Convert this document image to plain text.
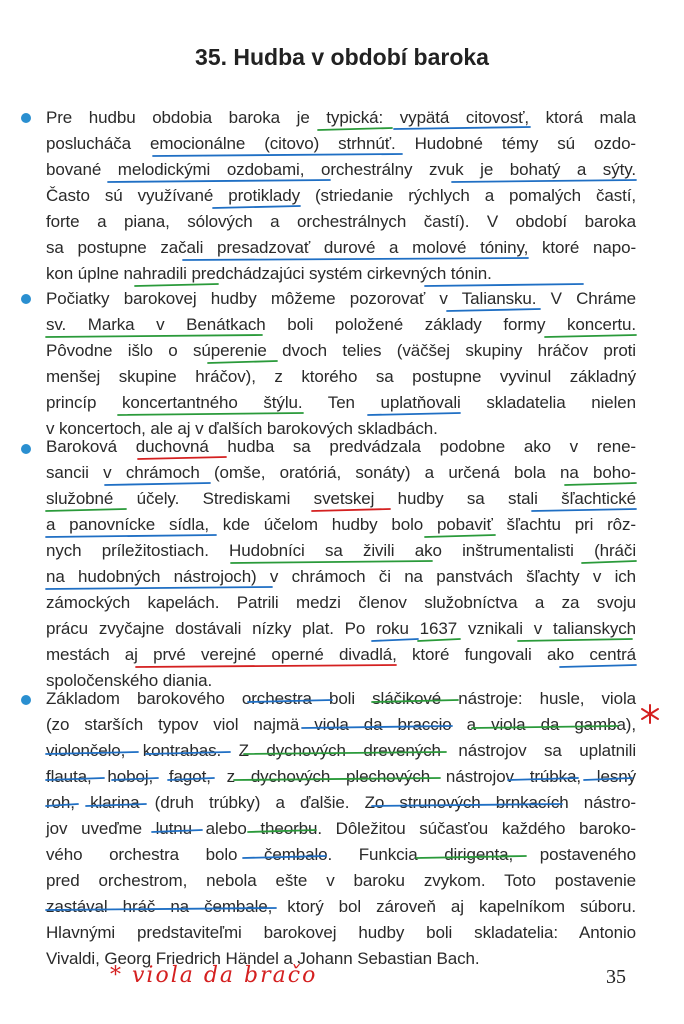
35. Hudba v období baroka
Pre hudbu obdobia baroka je typická: vypätá citovosť, ktorá mala
poslucháča emocionálne (citovo) strhnúť. Hudobné témy sú ozdo-
bované melodickými ozdobami, orchestrálny zvuk je bohatý a sýty.
Často sú využívané protiklady (striedanie rýchlych a pomalých častí,
forte a piana, sólových a orchestrálnych častí). V období baroka
sa postupne začali presadzovať durové a molové tóniny, ktoré napo-
kon úplne nahradili predchádzajúci systém cirkevných tónin.
Počiatky barokovej hudby môžeme pozorovať v Taliansku. V Chráme
sv. Marka v Benátkach boli položené základy formy koncertu.
Pôvodne išlo o súperenie dvoch telies (väčšej skupiny hráčov proti
menšej skupine hráčov), z ktorého sa postupne vyvinul základný
princíp koncertantného štýlu. Ten uplatňovali skladatelia nielen
v koncertoch, ale aj v ďalších barokových skladbách.
Baroková duchovná hudba sa predvádzala podobne ako v rene-
sancii v chrámoch (omše, oratóriá, sonáty) a určená bola na boho-
služobné účely. Strediskami svetskej hudby sa stali šľachtické
a panovnícke sídla, kde účelom hudby bolo pobaviť šľachtu pri rôz-
nych príležitostiach. Hudobníci sa živili ako inštrumentalisti (hráči
na hudobných nástrojoch) v chrámoch či na panstvách šľachty v ich
zámockých kapelách. Patrili medzi členov služobníctva a za svoju
prácu zvyčajne dostávali nízky plat. Po roku 1637 vznikali v talianskych
mestách aj prvé verejné operné divadlá, ktoré fungovali ako centrá
spoločenského diania.
Základom barokového orchestra boli sláčikové nástroje: husle, viola
(zo starších typov viol najmä viola da braccio a viola da gamba),
violončelo, kontrabas. Z dychových drevených nástrojov sa uplatnili
flauta, hoboj, fagot, z dychových plechových nástrojov trúbka, lesný
roh, klarina (druh trúbky) a ďalšie. Zo strunových brnkacích nástro-
jov uveďme lutnu alebo theorbu. Dôležitou súčasťou každého baroko-
vého orchestra bolo čembalo. Funkcia dirigenta, postaveného
pred orchestrom, nebola ešte v baroku zvykom. Toto postavenie
zastával hráč na čembale, ktorý bol zároveň aj kapelníkom súboru.
Hlavnými predstaviteľmi barokovej hudby boli skladatelia: Antonio
Vivaldi, Georg Friedrich Händel a Johann Sebastian Bach.
* viola da bračo	35
